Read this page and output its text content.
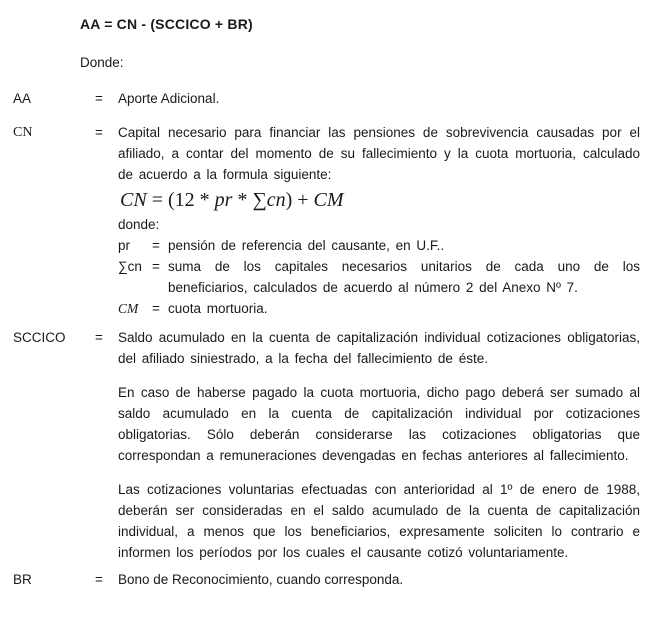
AA = CN - (SCCICO + BR)
Donde:
AA	=	Aporte Adicional.

CN	=	Capital necesario para financiar las pensiones de sobrevivencia causadas por el afiliado, a contar del momento de su fallecimiento y la cuota mortuoria, calculado de acuerdo a la formula siguiente:

CN = (12 * pr * ∑cn) + CM
donde:
pr	= pensión de referencia del causante, en U.F..
∑cn = suma de los capitales necesarios unitarios de cada uno de los beneficiarios, calculados de acuerdo al número 2 del Anexo Nº 7.
CM	= cuota mortuoria.
SCCICO	=	Saldo acumulado en la cuenta de capitalización individual cotizaciones obligatorias, del afiliado siniestrado, a la fecha del fallecimiento de éste.

En caso de haberse pagado la cuota mortuoria, dicho pago deberá ser sumado al saldo acumulado en la cuenta de capitalización individual por cotizaciones obligatorias. Sólo deberán considerarse las cotizaciones obligatorias que correspondan a remuneraciones devengadas en fechas anteriores al fallecimiento.

Las cotizaciones voluntarias efectuadas con anterioridad al 1º de enero de 1988, deberán ser consideradas en el saldo acumulado de la cuenta de capitalización individual, a menos que los beneficiarios, expresamente soliciten lo contrario e informen los períodos por los cuales el causante cotizó voluntariamente.

BR	=	Bono de Reconocimiento, cuando corresponda.
